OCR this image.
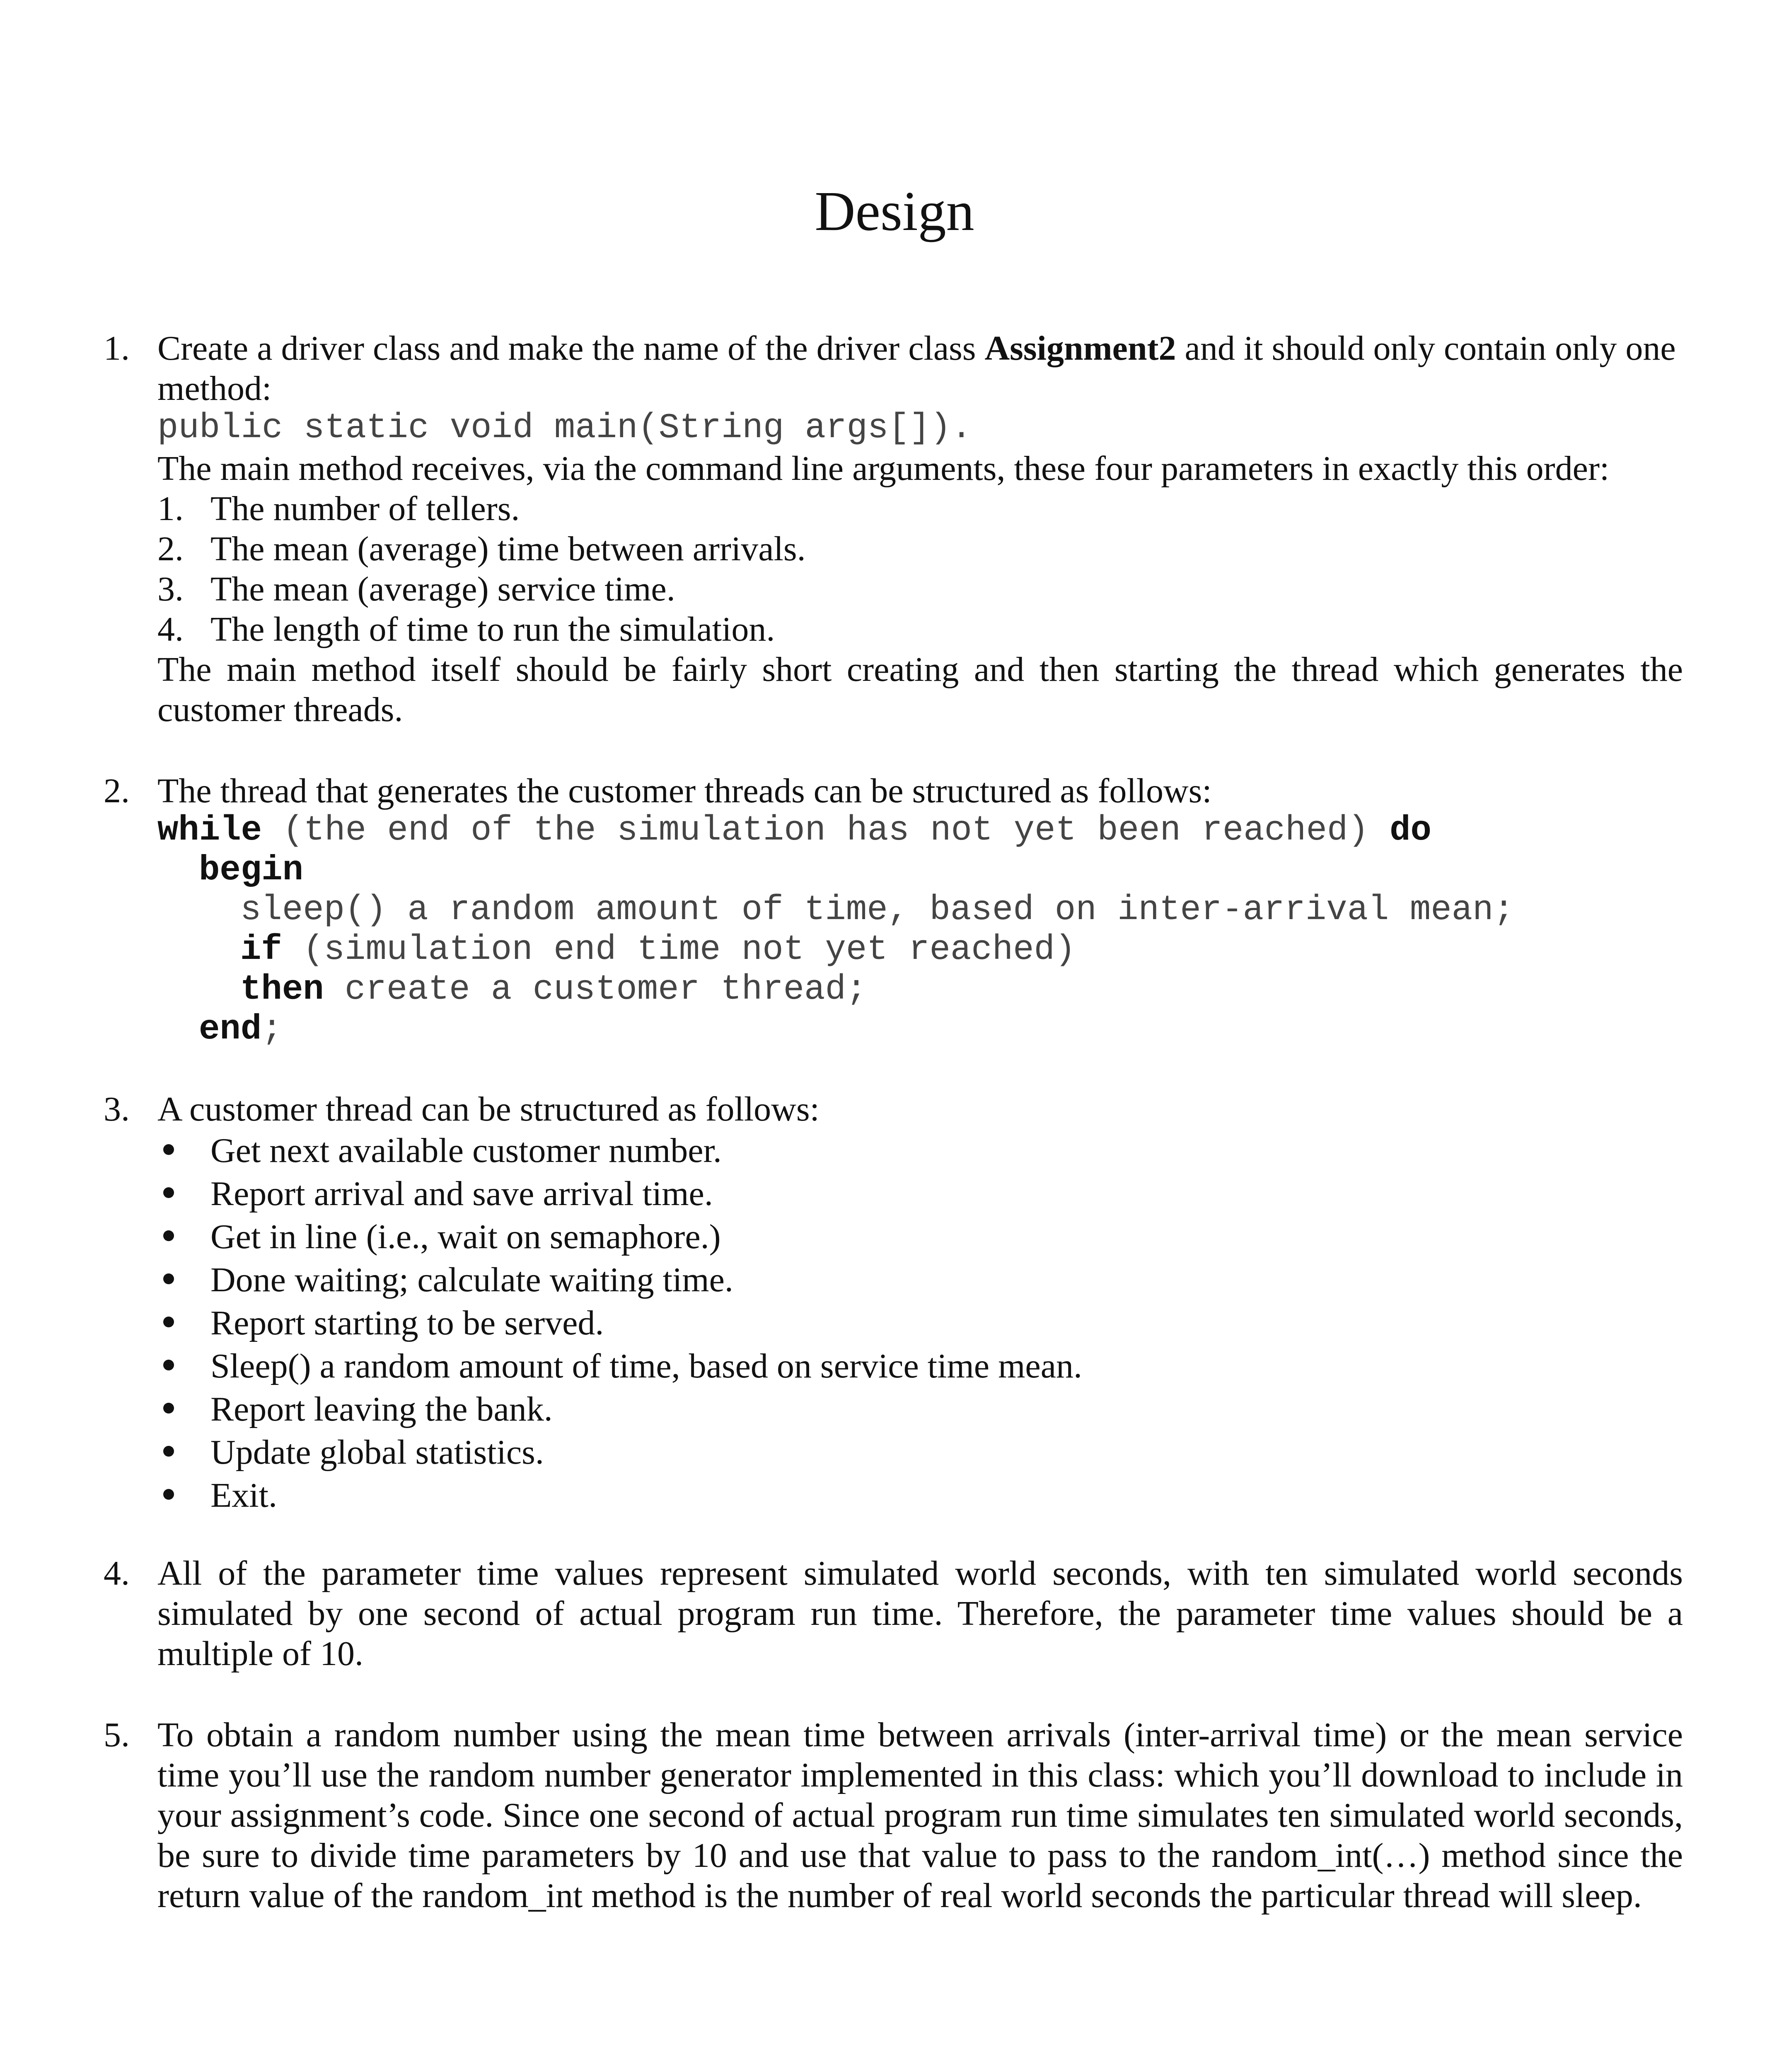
Design
1. Create a driver class and make the name of the driver class Assignment2 and it should only contain only one method:

public static void main(String args[]).

The main method receives, via the command line arguments, these four parameters in exactly this order:

1. The number of tellers.
2. The mean (average) time between arrivals.
3. The mean (average) service time.
4. The length of time to run the simulation.

The main method itself should be fairly short creating and then starting the thread which generates the customer threads.

2. The thread that generates the customer threads can be structured as follows:

while (the end of the simulation has not yet been reached) do
begin
sleep() a random amount of time, based on inter-arrival mean;
if (simulation end time not yet reached)
then create a customer thread;
end;
3. A customer thread can be structured as follows:

Get next available customer number.
Report arrival and save arrival time.
Get in line (i.e., wait on semaphore.)
Done waiting; calculate waiting time.
Report starting to be served.
Sleep() a random amount of time, based on service time mean.
Report leaving the bank.
Update global statistics.
Exit.
4. All of the parameter time values represent simulated world seconds, with ten simulated world seconds simulated by one second of actual program run time. Therefore, the parameter time values should be a multiple of 10.

5. To obtain a random number using the mean time between arrivals (inter-arrival time) or the mean service time you’ll use the random number generator implemented in this class: which you’ll download to include in your assignment’s code. Since one second of actual program run time simulates ten simulated world seconds, be sure to divide time parameters by 10 and use that value to pass to the random_int(…) method since the return value of the random_int method is the number of real world seconds the particular thread will sleep.
